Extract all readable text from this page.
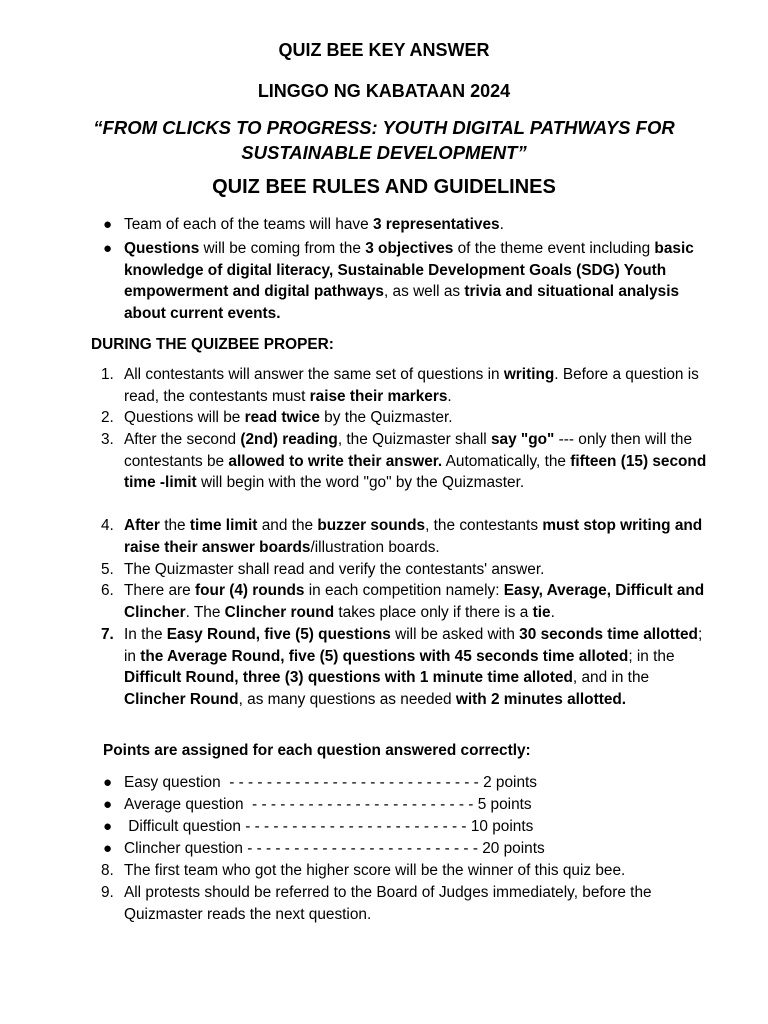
QUIZ BEE KEY ANSWER
LINGGO NG KABATAAN 2024
“FROM CLICKS TO PROGRESS: YOUTH DIGITAL PATHWAYS FOR SUSTAINABLE DEVELOPMENT”
QUIZ BEE RULES AND GUIDELINES
● Team of each of the teams will have 3 representatives.
● Questions will be coming from the 3 objectives of the theme event including basic knowledge of digital literacy, Sustainable Development Goals (SDG) Youth empowerment and digital pathways, as well as trivia and situational analysis about current events.
DURING THE QUIZBEE PROPER:
1. All contestants will answer the same set of questions in writing. Before a question is read, the contestants must raise their markers.
2. Questions will be read twice by the Quizmaster.
3. After the second (2nd) reading, the Quizmaster shall say "go" --- only then will the contestants be allowed to write their answer. Automatically, the fifteen (15) second time -limit will begin with the word "go" by the Quizmaster.
4. After the time limit and the buzzer sounds, the contestants must stop writing and raise their answer boards/illustration boards.
5. The Quizmaster shall read and verify the contestants' answer.
6. There are four (4) rounds in each competition namely: Easy, Average, Difficult and Clincher. The Clincher round takes place only if there is a tie.
7. In the Easy Round, five (5) questions will be asked with 30 seconds time allotted; in the Average Round, five (5) questions with 45 seconds time alloted; in the Difficult Round, three (3) questions with 1 minute time alloted, and in the Clincher Round, as many questions as needed with 2 minutes allotted.
Points are assigned for each question answered correctly:
● Easy question  - - - - - - - - - - - - - - - - - - - - - - - - - - - 2 points
● Average question  - - - - - - - - - - - - - - - - - - - - - - - - 5 points
● Difficult question - - - - - - - - - - - - - - - - - - - - - - - - 10 points
● Clincher question - - - - - - - - - - - - - - - - - - - - - - - - - 20 points
8. The first team who got the higher score will be the winner of this quiz bee.
9. All protests should be referred to the Board of Judges immediately, before the Quizmaster reads the next question.
